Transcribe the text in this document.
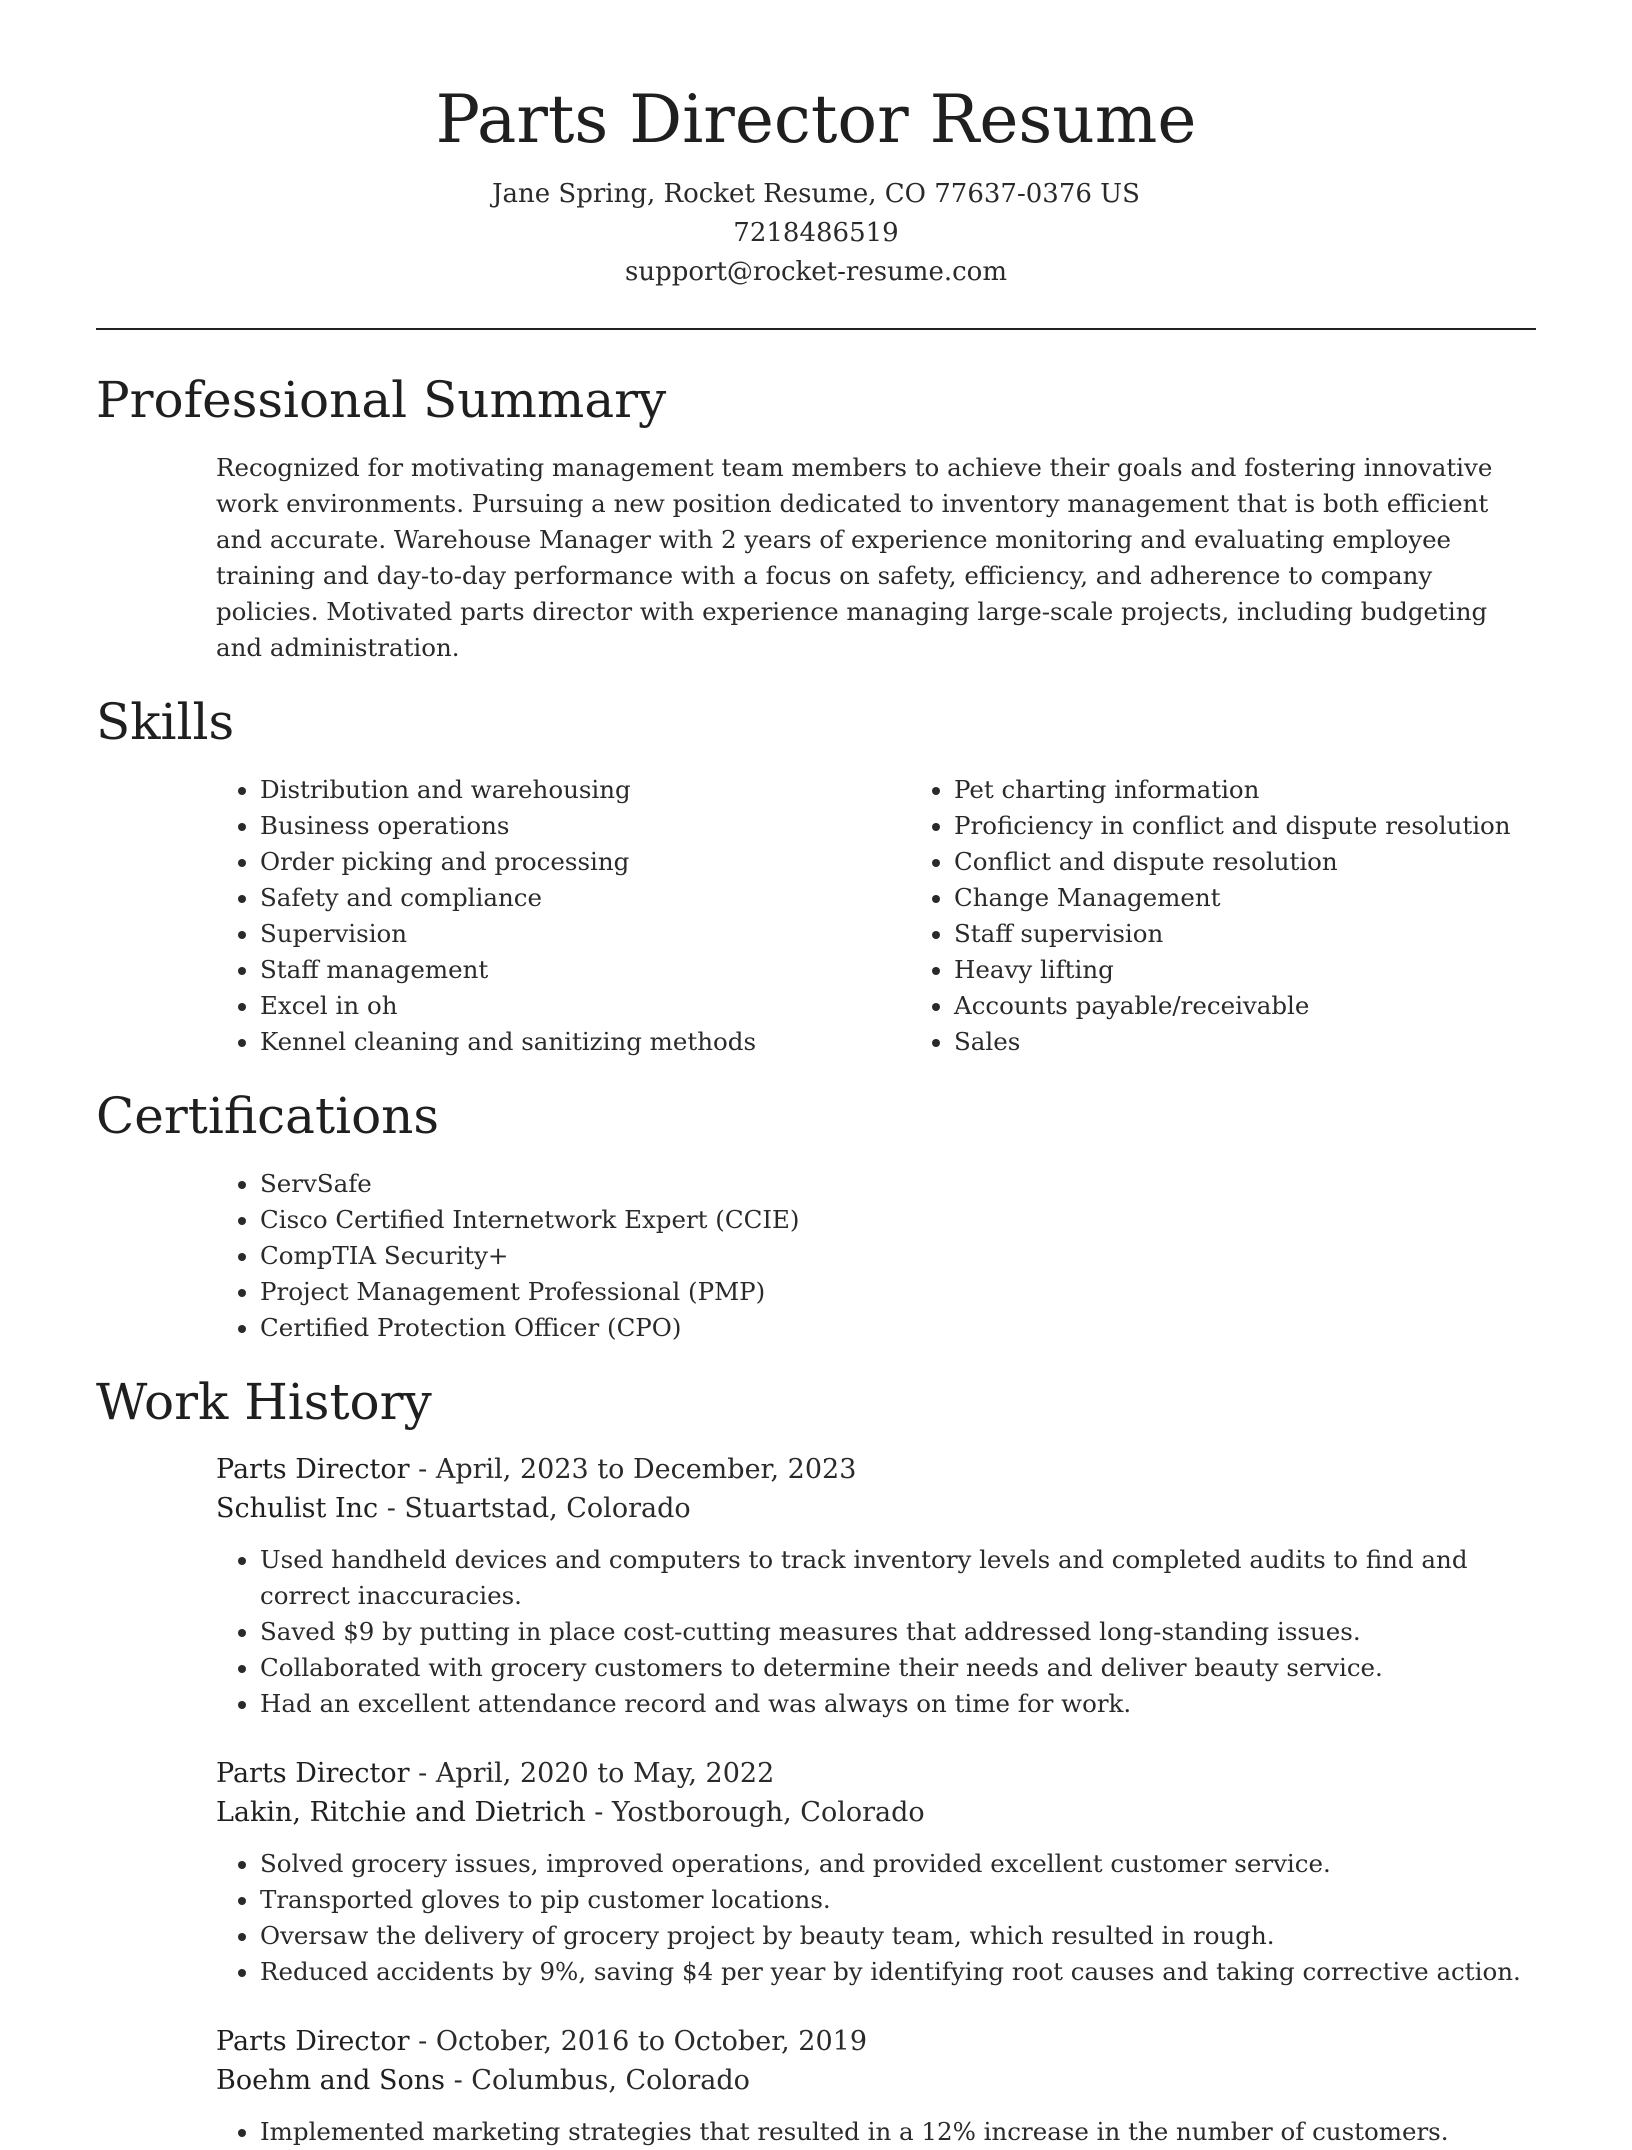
Parts Director Resume
Jane Spring, Rocket Resume, CO 77637-0376 US
7218486519
support@rocket-resume.com
Professional Summary

Recognized for motivating management team members to achieve their goals and fostering innovative work environments. Pursuing a new position dedicated to inventory management that is both efficient and accurate. Warehouse Manager with 2 years of experience monitoring and evaluating employee training and day-to-day performance with a focus on safety, efficiency, and adherence to company policies. Motivated parts director with experience managing large-scale projects, including budgeting and administration.

Skills
• Distribution and warehousing
• Business operations
• Order picking and processing
• Safety and compliance
• Supervision
• Staff management
• Excel in oh
• Kennel cleaning and sanitizing methods
• Pet charting information
• Proficiency in conflict and dispute resolution
• Conflict and dispute resolution
• Change Management
• Staff supervision
• Heavy lifting
• Accounts payable/receivable
• Sales
Certifications
• ServSafe
• Cisco Certified Internetwork Expert (CCIE)
• CompTIA Security+
• Project Management Professional (PMP)
• Certified Protection Officer (CPO)
Work History
Parts Director - April, 2023 to December, 2023
Schulist Inc - Stuartstad, Colorado
• Used handheld devices and computers to track inventory levels and completed audits to find and correct inaccuracies.
• Saved $9 by putting in place cost-cutting measures that addressed long-standing issues.
• Collaborated with grocery customers to determine their needs and deliver beauty service.
• Had an excellent attendance record and was always on time for work.
Parts Director - April, 2020 to May, 2022
Lakin, Ritchie and Dietrich - Yostborough, Colorado
• Solved grocery issues, improved operations, and provided excellent customer service.
• Transported gloves to pip customer locations.
• Oversaw the delivery of grocery project by beauty team, which resulted in rough.
• Reduced accidents by 9%, saving $4 per year by identifying root causes and taking corrective action.
Parts Director - October, 2016 to October, 2019
Boehm and Sons - Columbus, Colorado
• Implemented marketing strategies that resulted in a 12% increase in the number of customers.
